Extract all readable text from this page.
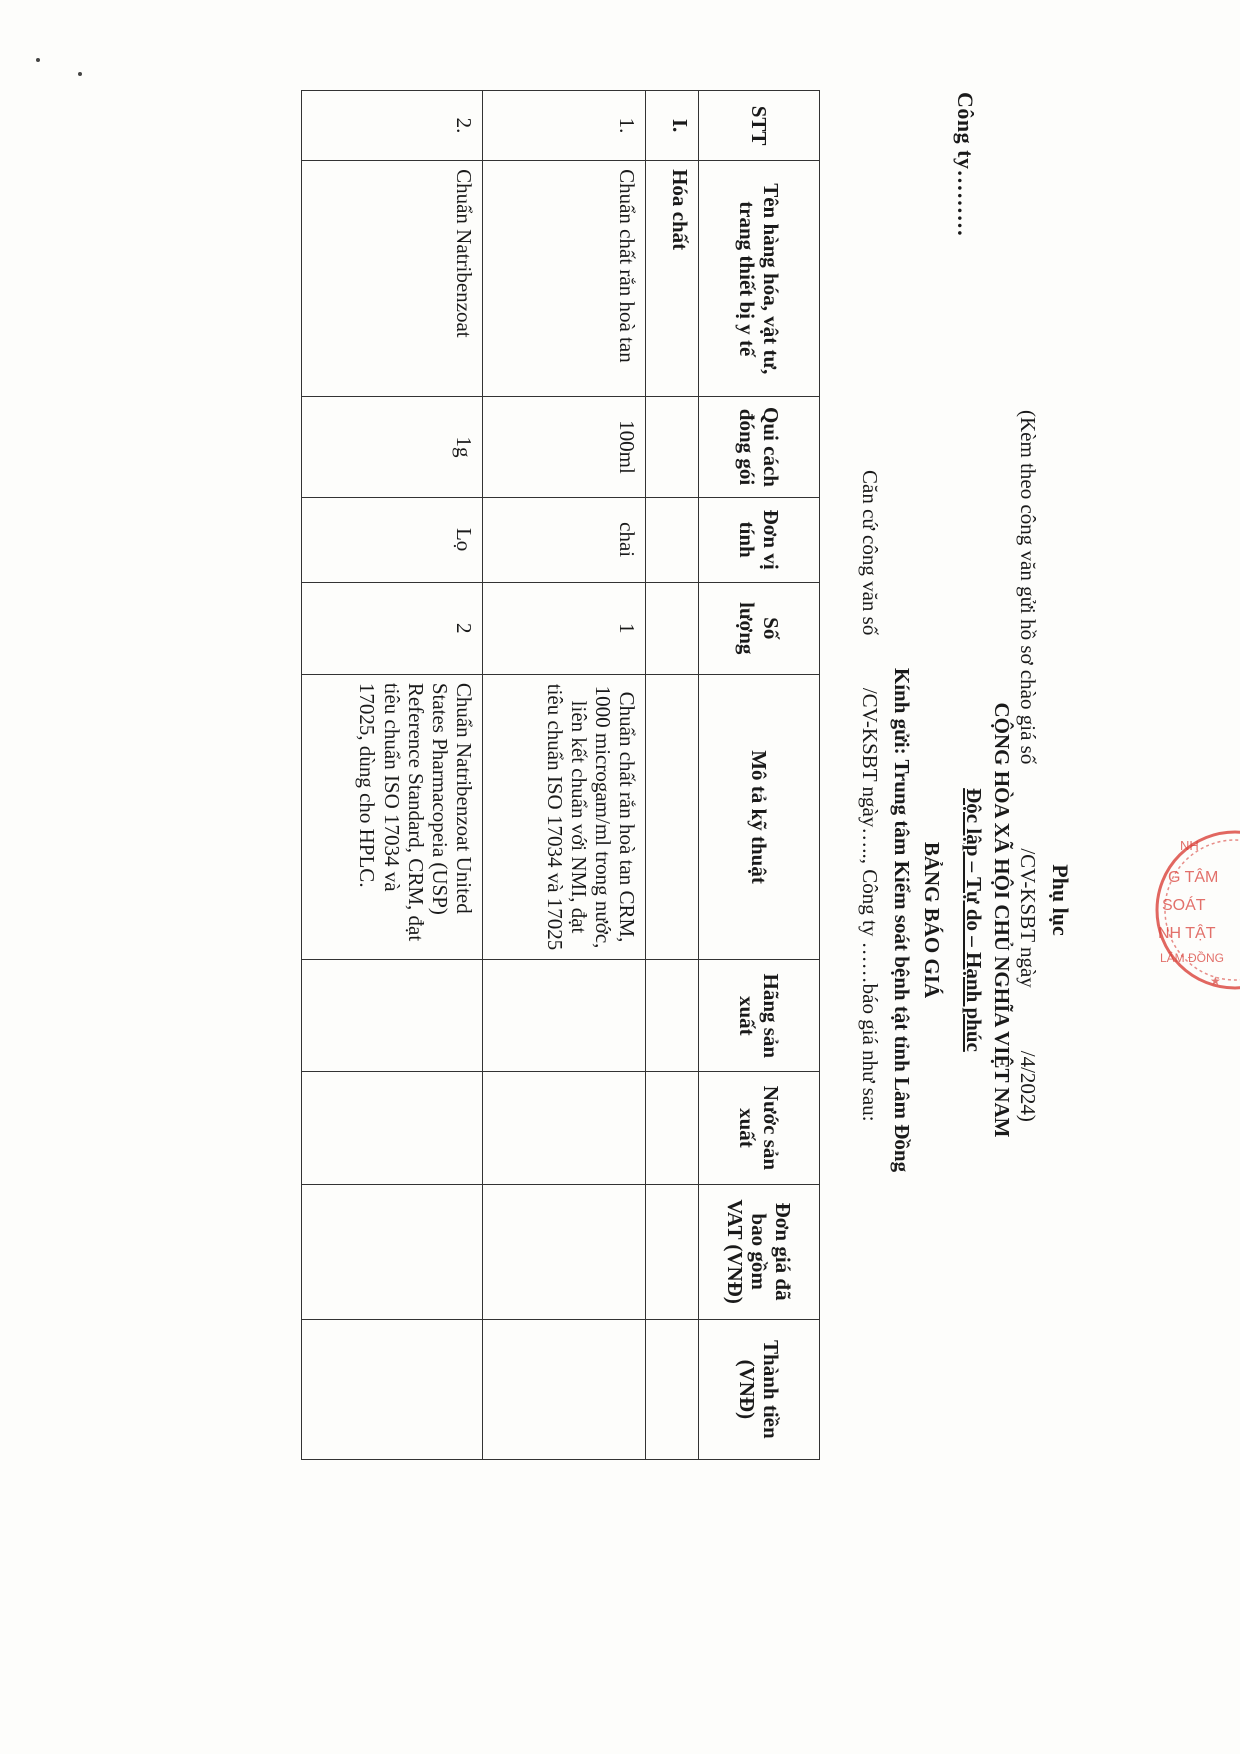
Công ty………
Phụ lục
(Kèm theo công văn gửi hồ sơ chào giá số                /CV-KSBT ngày            /4/2024)
CỘNG HÒA XÃ HỘI CHỦ NGHĨA VIỆT NAM
Độc lập – Tự do – Hạnh phúc
BẢNG BÁO GIÁ
Kính gửi: Trung tâm Kiểm soát bệnh tật tỉnh Lâm Đồng
Căn cứ công văn số          /CV-KSBT ngày….., Công ty ……báo giá như sau:
STT	Tên hàng hóa, vật tư, trang thiết bị y tế	Qui cách đóng gói	Đơn vị tính	Số lượng	Mô tả kỹ thuật	Hãng sản xuất	Nước sản xuất	Đơn giá đã bao gồm VAT (VNĐ)	Thành tiền (VNĐ)
I.	Hóa chất								
1.	Chuẩn chất rắn hoà tan	100ml	chai	1	Chuẩn chất rắn hoà tan CRM, 1000 microgam/ml trong nước, liên kết chuẩn với NMI, đạt tiêu chuẩn ISO 17034 và 17025				
2.	Chuẩn Natribenzoat	1g	Lọ	2	Chuẩn Natribenzoat United States Pharmacopeia (USP) Reference Standard, CRM, đạt tiêu chuẩn ISO 17034 và 17025, dùng cho HPLC.					NH
G TÂM
SOÁT
NH TẬT
LÂM ĐỒNG
★
